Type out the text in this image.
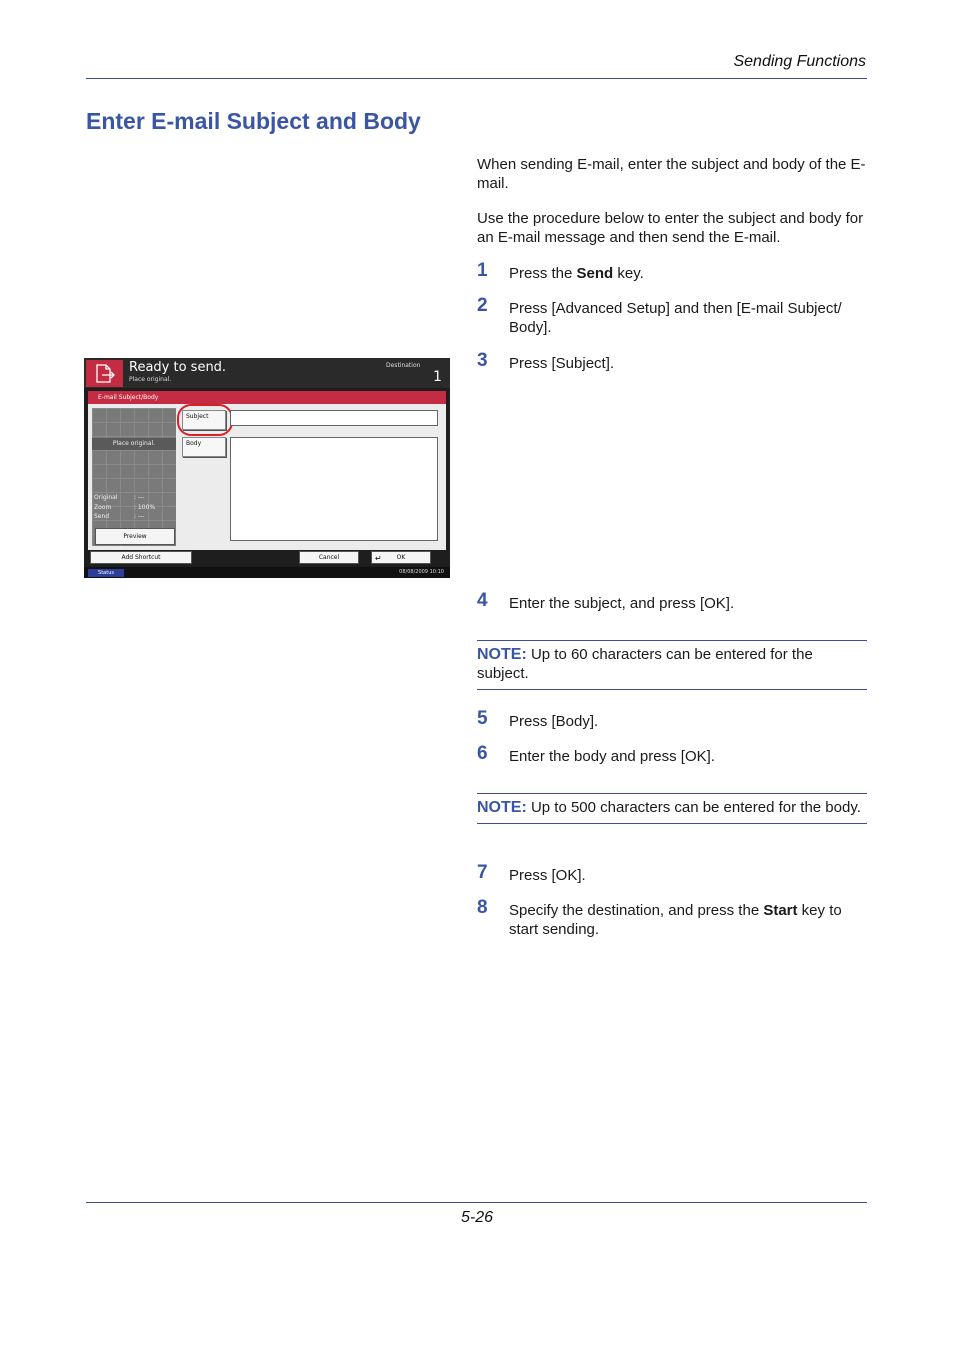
Sending Functions
Enter E-mail Subject and Body
When sending E-mail, enter the subject and body of the E-mail.
Use the procedure below to enter the subject and body for an E-mail message and then send the E-mail.
1 Press the Send key.
2 Press [Advanced Setup] and then [E-mail Subject/ Body].
3 Press [Subject].
4 Enter the subject, and press [OK].
NOTE: Up to 60 characters can be entered for the subject.
5 Press [Body].
6 Enter the body and press [OK].
NOTE: Up to 500 characters can be entered for the body.
7 Press [OK].
8 Specify the destination, and press the Start key to start sending.
Ready to send.
Place original.
Destination
1
E-mail Subject/Body
Place original.
Original	: ---
Zoom	: 100%
Send	: ---
Preview
Subject
Body
Add Shortcut	Cancel	↵ OK
Status	08/08/2009 10:10
5-26
